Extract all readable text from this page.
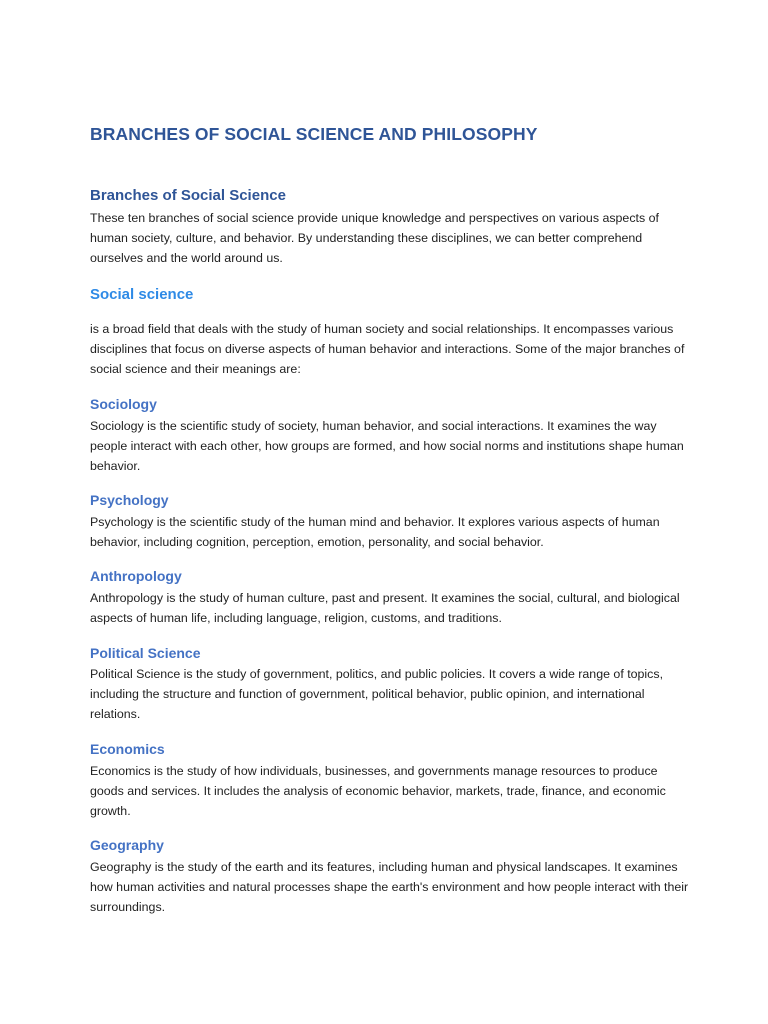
BRANCHES OF SOCIAL SCIENCE AND PHILOSOPHY
Branches of Social Science

These ten branches of social science provide unique knowledge and perspectives on various aspects of human society, culture, and behavior. By understanding these disciplines, we can better comprehend ourselves and the world around us.

Social science

is a broad field that deals with the study of human society and social relationships. It encompasses various disciplines that focus on diverse aspects of human behavior and interactions. Some of the major branches of social science and their meanings are:

Sociology

Sociology is the scientific study of society, human behavior, and social interactions. It examines the way people interact with each other, how groups are formed, and how social norms and institutions shape human behavior.

Psychology

Psychology is the scientific study of the human mind and behavior. It explores various aspects of human behavior, including cognition, perception, emotion, personality, and social behavior.

Anthropology

Anthropology is the study of human culture, past and present. It examines the social, cultural, and biological aspects of human life, including language, religion, customs, and traditions.

Political Science

Political Science is the study of government, politics, and public policies. It covers a wide range of topics, including the structure and function of government, political behavior, public opinion, and international relations.

Economics

Economics is the study of how individuals, businesses, and governments manage resources to produce goods and services. It includes the analysis of economic behavior, markets, trade, finance, and economic growth.

Geography

Geography is the study of the earth and its features, including human and physical landscapes. It examines how human activities and natural processes shape the earth's environment and how people interact with their surroundings.
